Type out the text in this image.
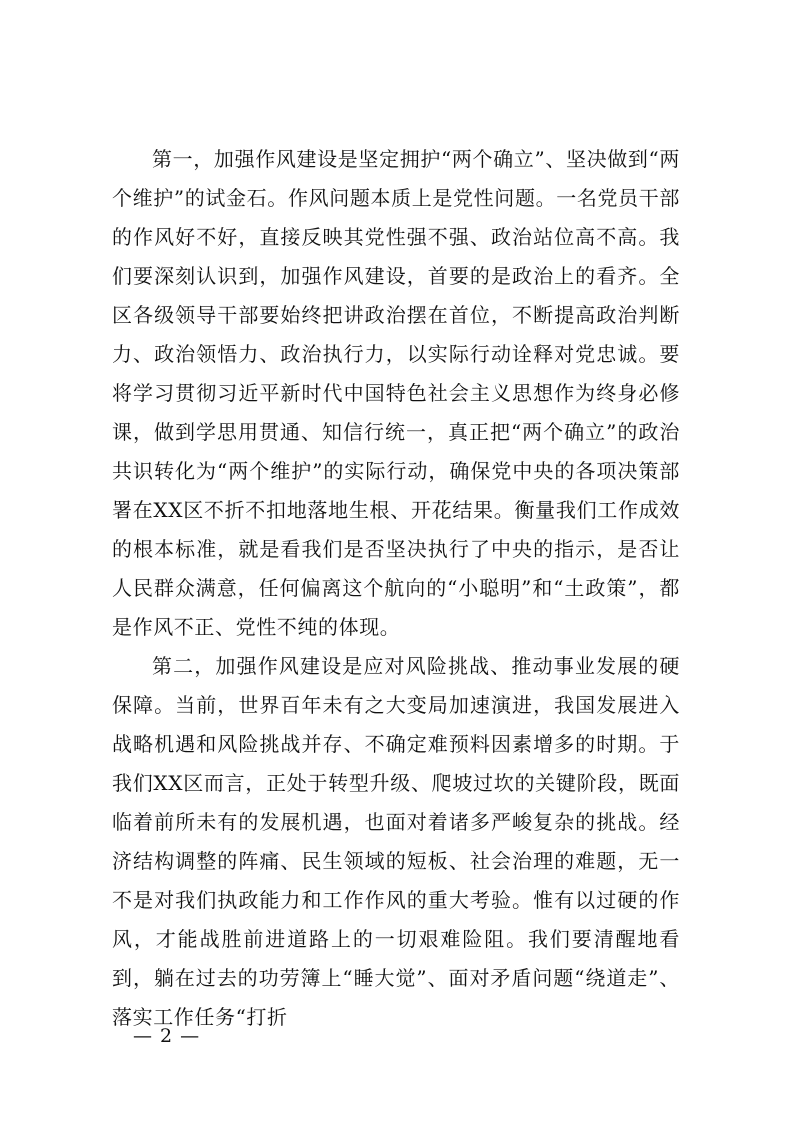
第一，加强作风建设是坚定拥护“两个确立”、坚决做到“两个维护”的试金石。作风问题本质上是党性问题。一名党员干部的作风好不好，直接反映其党性强不强、政治站位高不高。我们要深刻认识到，加强作风建设，首要的是政治上的看齐。全区各级领导干部要始终把讲政治摆在首位，不断提高政治判断力、政治领悟力、政治执行力，以实际行动诠释对党忠诚。要将学习贯彻习近平新时代中国特色社会主义思想作为终身必修课，做到学思用贯通、知信行统一，真正把“两个确立”的政治共识转化为“两个维护”的实际行动，确保党中央的各项决策部署在XX区不折不扣地落地生根、开花结果。衡量我们工作成效的根本标准，就是看我们是否坚决执行了中央的指示，是否让人民群众满意，任何偏离这个航向的“小聪明”和“土政策”，都是作风不正、党性不纯的体现。

第二，加强作风建设是应对风险挑战、推动事业发展的硬保障。当前，世界百年未有之大变局加速演进，我国发展进入战略机遇和风险挑战并存、不确定难预料因素增多的时期。于我们XX区而言，正处于转型升级、爬坡过坎的关键阶段，既面临着前所未有的发展机遇，也面对着诸多严峻复杂的挑战。经济结构调整的阵痛、民生领域的短板、社会治理的难题，无一不是对我们执政能力和工作作风的重大考验。惟有以过硬的作风，才能战胜前进道路上的一切艰难险阻。我们要清醒地看到，躺在过去的功劳簿上“睡大觉”、面对矛盾问题“绕道走”、落实工作任务“打折

— 2 —
